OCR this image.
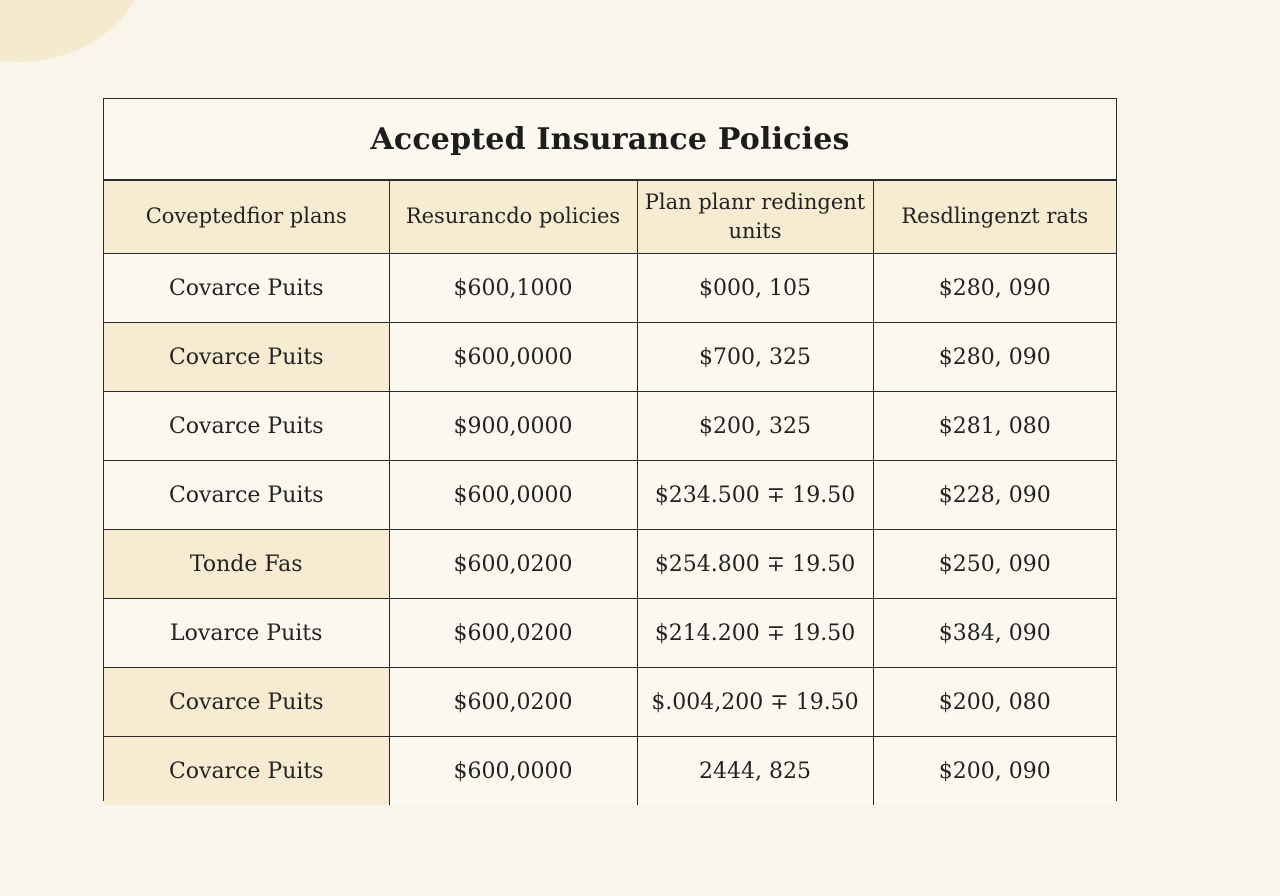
Accepted Insurance Policies
Coveptedfior plans	Resurancdo policies	Plan planr redingent units	Resdlingenzt rats
Covarce Puits	$600,1000	$000, 105	$280, 090
Covarce Puits	$600,0000	$700, 325	$280, 090
Covarce Puits	$900,0000	$200, 325	$281, 080
Covarce Puits	$600,0000	$234.500 ∓ 19.50	$228, 090
Tonde Fas	$600,0200	$254.800 ∓ 19.50	$250, 090
Lovarce Puits	$600,0200	$214.200 ∓ 19.50	$384, 090
Covarce Puits	$600,0200	$.004,200 ∓ 19.50	$200, 080
Covarce Puits	$600,0000	2444, 825	$200, 090
